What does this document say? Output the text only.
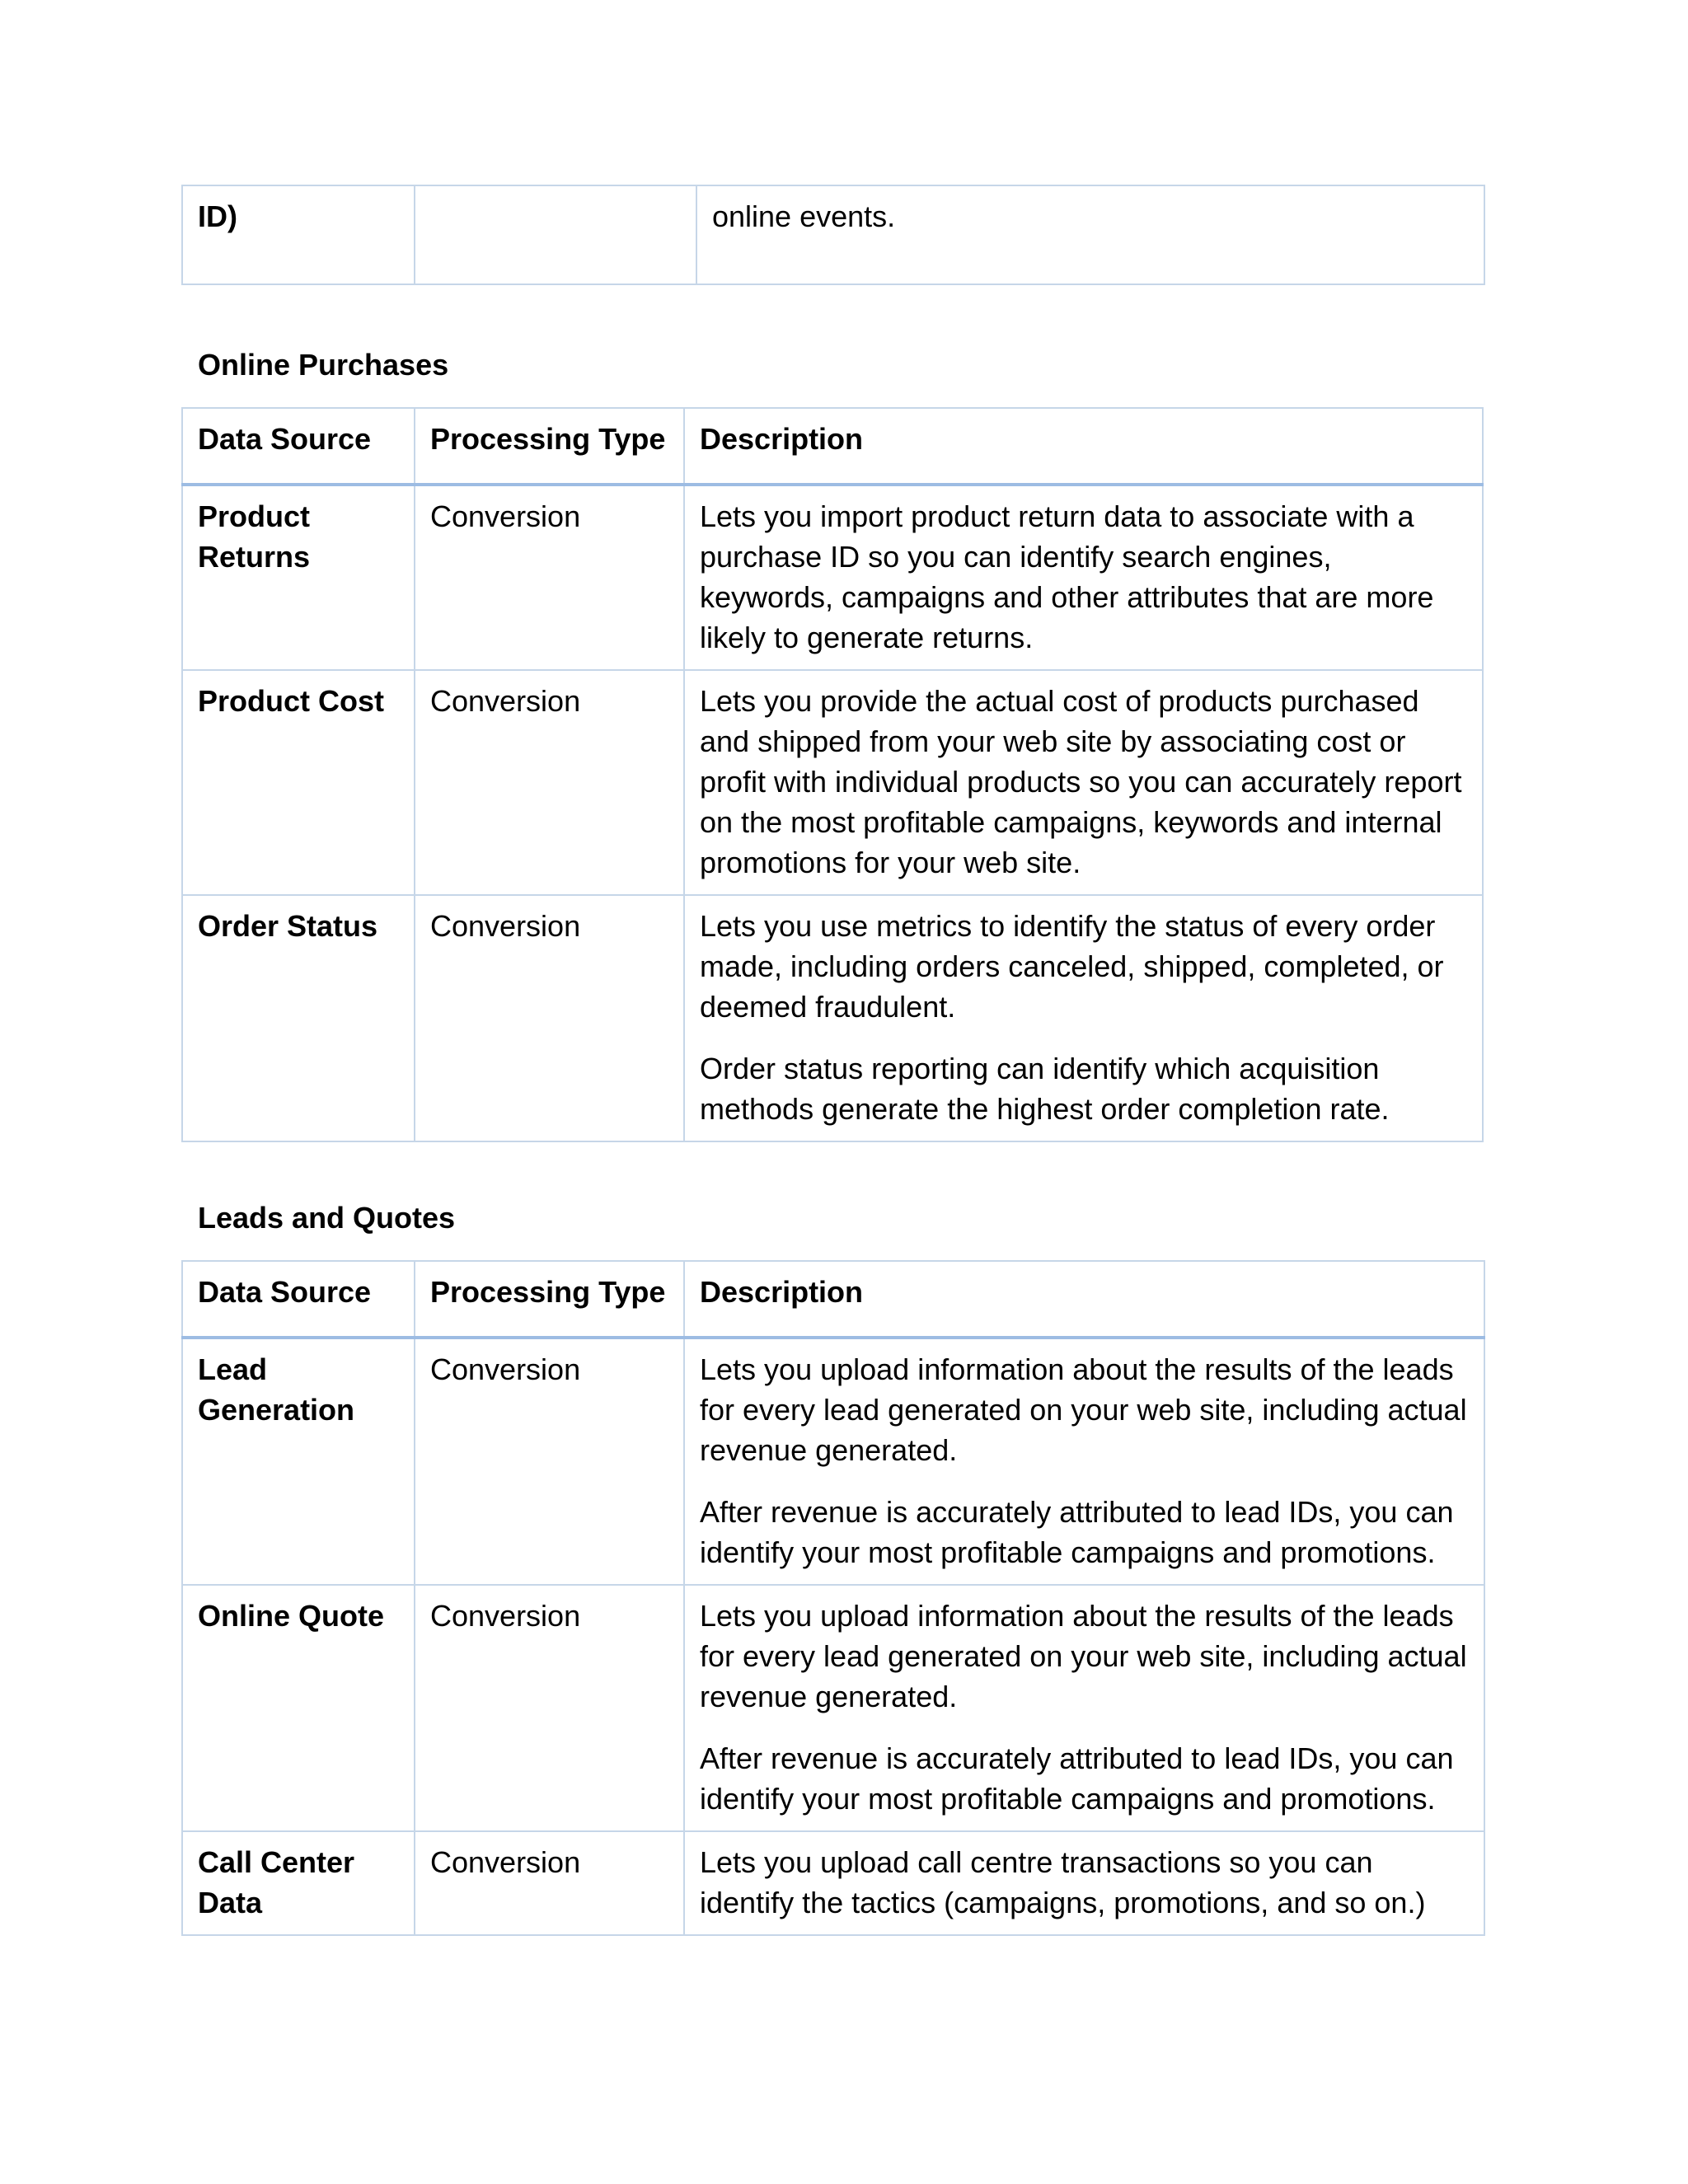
ID)		online events.
Online Purchases
Data Source	Processing Type	Description

Product Returns	Conversion	Lets you import product return data to associate with a purchase ID so you can identify search engines, keywords, campaigns and other attributes that are more likely to generate returns.

Product Cost	Conversion	Lets you provide the actual cost of products purchased and shipped from your web site by associating cost or profit with individual products so you can accurately report on the most profitable campaigns, keywords and internal promotions for your web site.

Order Status	Conversion	Lets you use metrics to identify the status of every order made, including orders canceled, shipped, completed, or deemed fraudulent.
Order status reporting can identify which acquisition methods generate the highest order completion rate.
Leads and Quotes
Data Source	Processing Type	Description

Lead Generation	Conversion	Lets you upload information about the results of the leads for every lead generated on your web site, including actual revenue generated.
After revenue is accurately attributed to lead IDs, you can identify your most profitable campaigns and promotions.

Online Quote	Conversion	Lets you upload information about the results of the leads for every lead generated on your web site, including actual revenue generated.
After revenue is accurately attributed to lead IDs, you can identify your most profitable campaigns and promotions.

Call Center Data	Conversion	Lets you upload call centre transactions so you can identify the tactics (campaigns, promotions, and so on.)
